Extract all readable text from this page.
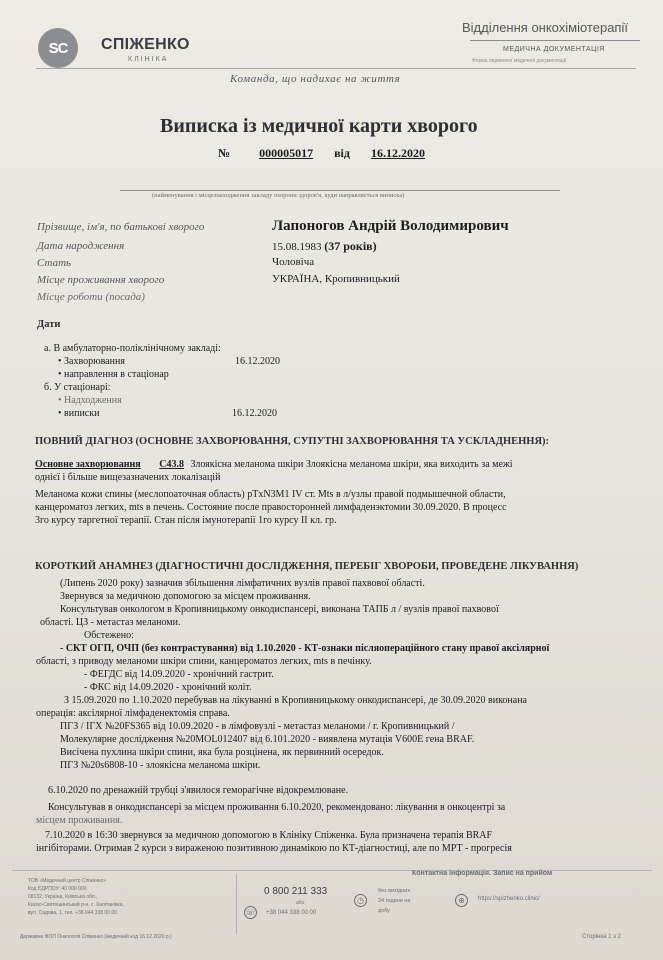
SC СПІЖЕНКО
КЛІНІКА
Відділення онкохіміотерапії
МЕДИЧНА ДОКУМЕНТАЦІЯ
Форма первинної медичної документації
Команда, що надихає на життя
Виписка із медичної карти хворого
№ 000005017 від 16.12.2020
(найменування і місцезнаходження закладу охорони здоров'я, куди направляється виписка)
Прізвище, ім'я, по батькові хворого	Лапоногов Андрій Володимирович
Дата народження	15.08.1983 (37 років)
Стать	Чоловіча
Місце проживання хворого	УКРАЇНА, Кропивницький
Місце роботи (посада)
Дати
а. В амбулаторно-поліклінічному закладі:
• Захворювання	16.12.2020
• направлення в стаціонар
б. У стаціонарі:
• Надходження
• виписки	16.12.2020
ПОВНИЙ ДІАГНОЗ (ОСНОВНЕ ЗАХВОРЮВАННЯ, СУПУТНІ ЗАХВОРЮВАННЯ ТА УСКЛАДНЕННЯ):
Основне захворювання C43.8 Злоякісна меланома шкіри Злоякісна меланома шкіри, яка виходить за межі
однієї і більше вищезазначених локалізацій
Меланома кожи спины (меслопоаточная область) pTxN3M1 IV ст. Mts в л/узлы правой подмышечной области,
канцероматоз легких, mts в печень. Состояние после правосторонней лимфаденэктомии 30.09.2020. В процесс
3го курсу таргетної терапії. Стан після імунотерапії 1го курсу II кл. гр.
КОРОТКИЙ АНАМНЕЗ (ДІАГНОСТИЧНІ ДОСЛІДЖЕННЯ, ПЕРЕБІГ ХВОРОБИ, ПРОВЕДЕНЕ ЛІКУВАННЯ)
(Липень 2020 року) зазначив збільшення лімфатичних вузлів правої пахвової області.
Звернувся за медичною допомогою за місцем проживання.
Консультував онкологом в Кропивницькому онкодиспансері, виконана ТАПБ л / вузлів правої пахвової
області. ЦЗ - метастаз меланоми.
Обстежено:
- СКТ ОГП, ОЧП (без контрастування) від 1.10.2020 - КТ-ознаки післяопераційного стану правої аксілярної
області, з приводу меланоми шкіри спини, канцероматоз легких, mts в печінку.
- ФЕГДС від 14.09.2020 - хронічний гастрит.
- ФКС від 14.09.2020 - хронічний коліт.
З 15.09.2020 по 1.10.2020 перебував на лікуванні в Кропивницькому онкодиспансері, де 30.09.2020 виконана
операція: аксілярної лімфаденектомія справа.
ПГЗ / ІГХ №20FS365 від 10.09.2020 - в лімфовузлі - метастаз меланоми / г. Кропивницький /
Молекулярне дослідження №20MOL012407 від 6.101.2020 - виявлена мутація V600E гена BRAF.
Висічена пухлина шкіри спини, яка була розцінена, як первинний осередок.
ПГЗ №20s6808-10 - злоякісна меланома шкіри.
6.10.2020 по дренажній трубці з'явилося геморагічне відокремлюване.
Консультував в онкодиспансері за місцем проживання 6.10.2020, рекомендовано: лікування в онкоцентрі за
місцем проживання.
7.10.2020 в 16:30 звернувся за медичною допомогою в Клініку Спіженка. Була призначена терапія BRAF
інгібіторами. Отримав 2 курси з вираженою позитивною динамікою по КТ-діагностиці, але по МРТ - прогресія
ТОВ «Медичний центр Спіженко»
Код ЄДРПОУ: 40 000 000
08132, Україна, Київська обл.,
Києво-Святошинський р-н, с. Капітанівка,
вул. Садова, 1, тел. +38 044 338 00 00
Контактна інформація. Запис на прийом
☏
0 800 211 333
або
+38 044 338 00 00
◷
без вихідних
24 години на
добу
⊕	https://spizhenko.clinic/
Державна ФОП Онкологія Спіженко (медичний код 16.12.2020 р.)	Сторінка 1 з 2
